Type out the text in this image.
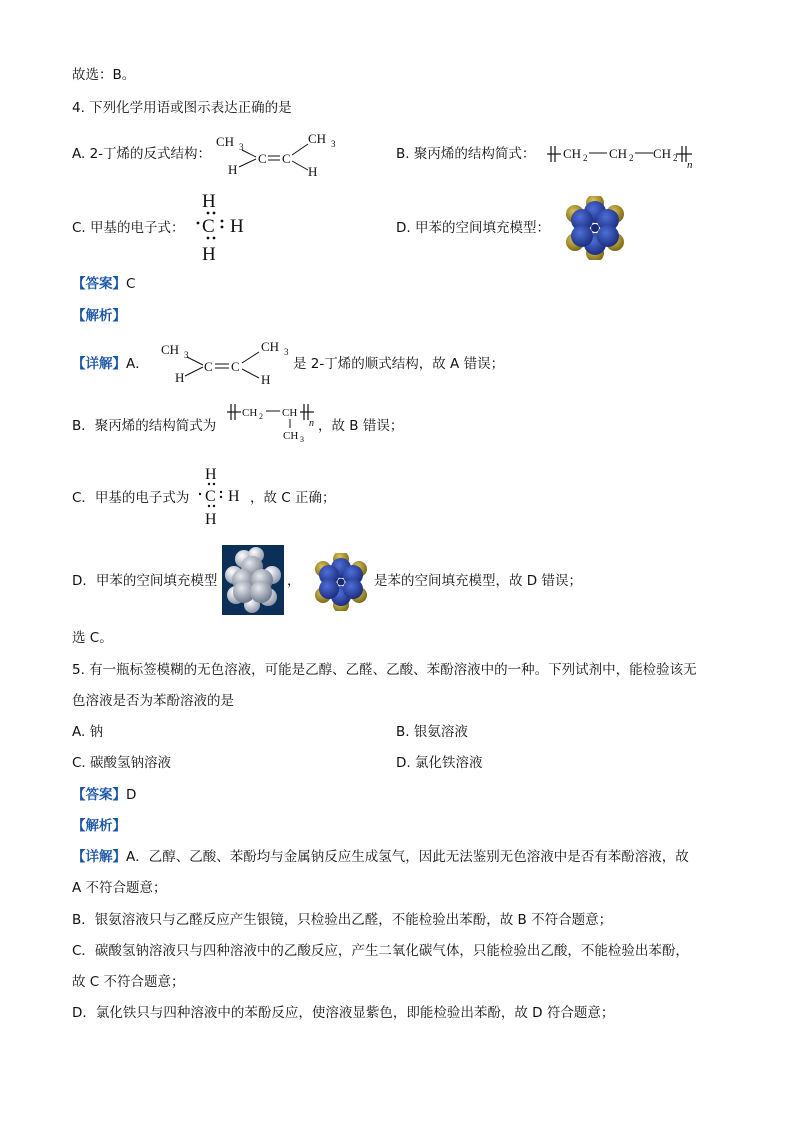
故选：B。
4. 下列化学用语或图示表达正确的是
A. 2-丁烯的反式结构：
CH 3
H
C C
CH 3
H
B. 聚丙烯的结构简式： CH 2 CH 2 CH 2
n
C. 甲基的电子式：
H
C H
H
D. 甲苯的空间填充模型：
【答案】C
【解析】
【详解】A．
CH 3
H
C C
CH 3
H
是 2-丁烯的顺式结构，故 A 错误；
B．聚丙烯的结构简式为
CH 2 CH
CH 3
n ，故 B 错误；
C．甲基的电子式为
H
C H
H
，故 C 正确；
D．甲苯的空间填充模型	，	是苯的空间填充模型，故 D 错误；
选 C。
5. 有一瓶标签模糊的无色溶液，可能是乙醇、乙醛、乙酸、苯酚溶液中的一种。下列试剂中，能检验该无
色溶液是否为苯酚溶液的是
A. 钠	B. 银氨溶液
C. 碳酸氢钠溶液	D. 氯化铁溶液
【答案】D
【解析】
【详解】A．乙醇、乙酸、苯酚均与金属钠反应生成氢气，因此无法鉴别无色溶液中是否有苯酚溶液，故
A 不符合题意；
B．银氨溶液只与乙醛反应产生银镜，只检验出乙醛，不能检验出苯酚，故 B 不符合题意；
C．碳酸氢钠溶液只与四种溶液中的乙酸反应，产生二氧化碳气体，只能检验出乙酸，不能检验出苯酚，
故 C 不符合题意；
D．氯化铁只与四种溶液中的苯酚反应，使溶液显紫色，即能检验出苯酚，故 D 符合题意；
